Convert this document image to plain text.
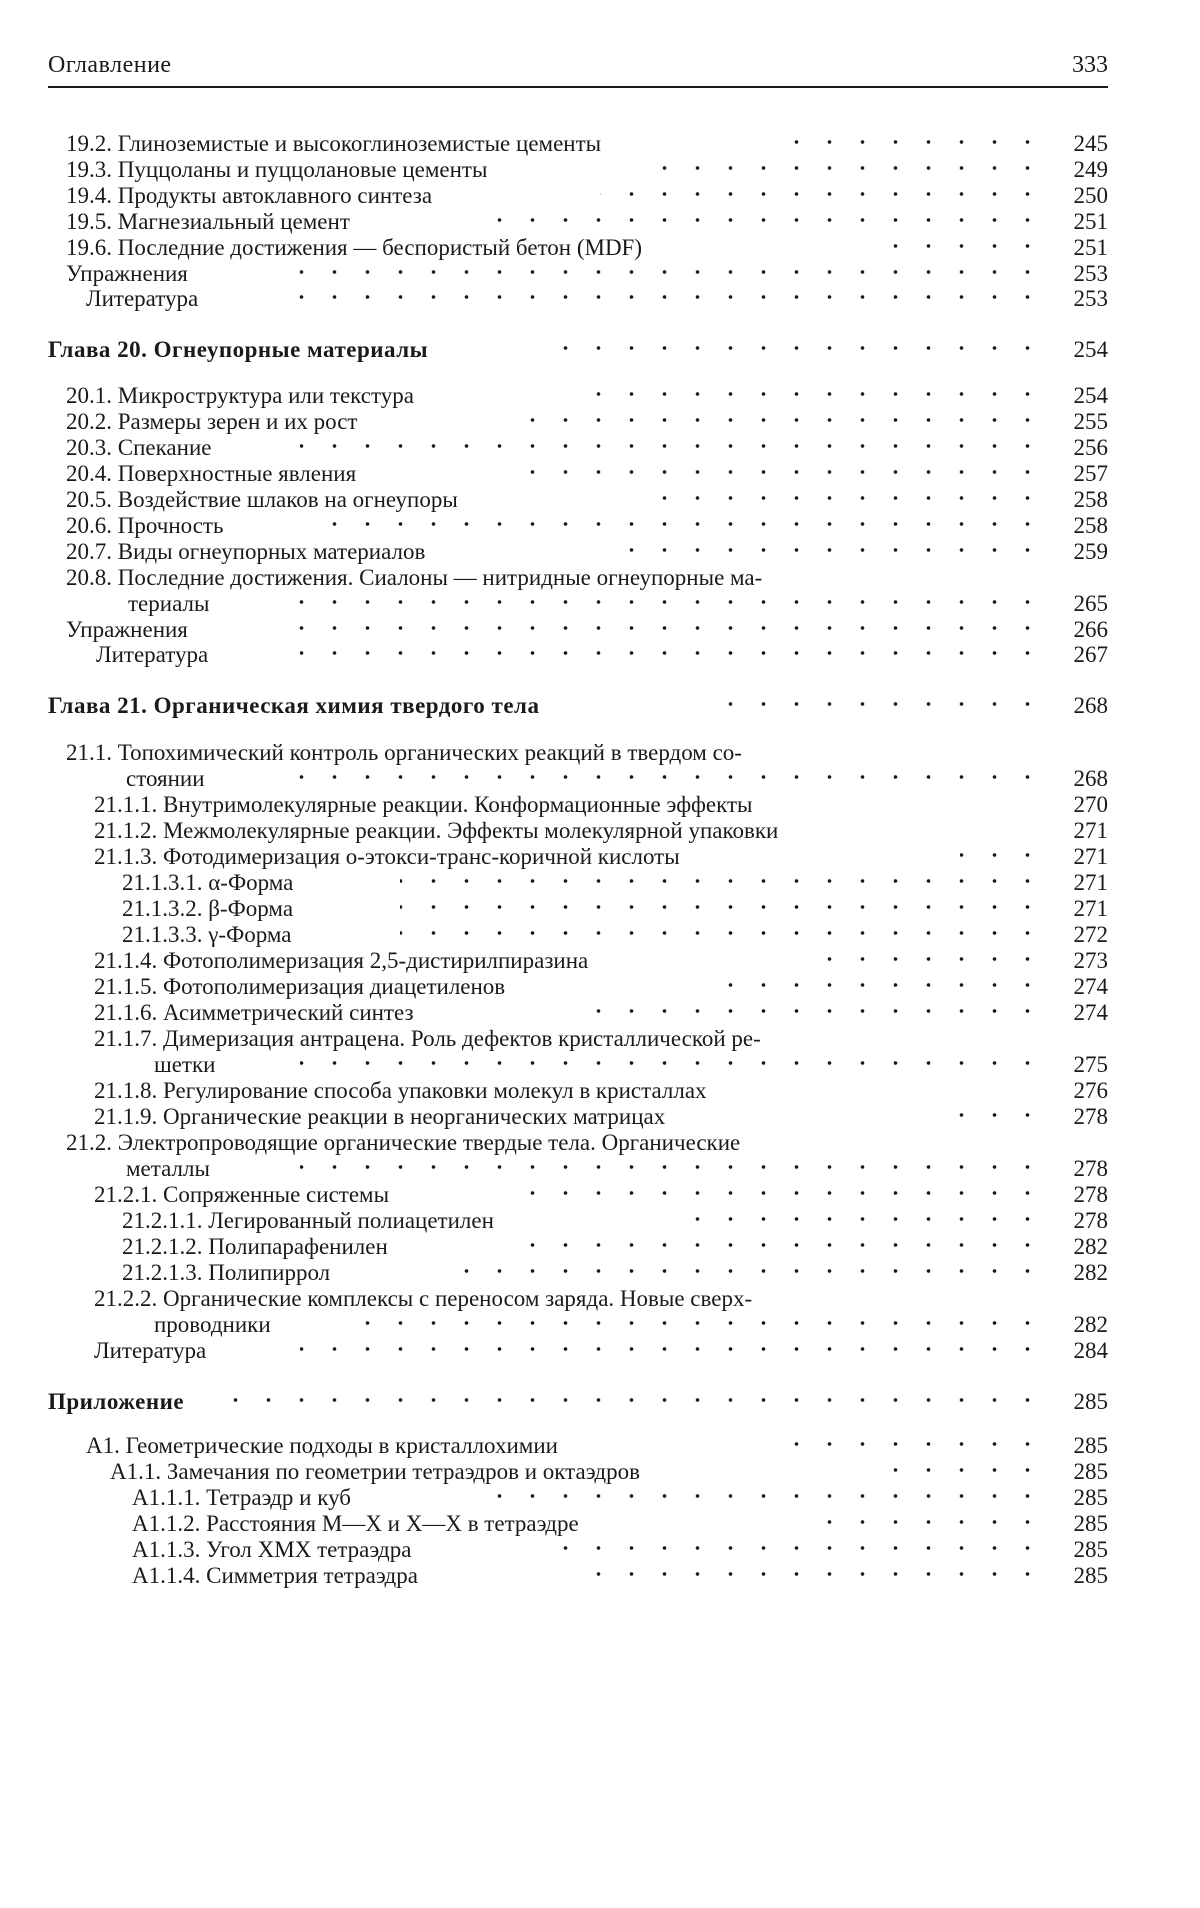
Оглавление	333
19.2. Глиноземистые и высокоглиноземистые цементы	245
19.3. Пуццоланы и пуццолановые цементы	249
19.4. Продукты автоклавного синтеза	250
19.5. Магнезиальный цемент	251
19.6. Последние достижения — беспористый бетон (MDF)	251
Упражнения	253
Литература	253
Глава 20. Огнеупорные материалы	254
20.1. Микроструктура или текстура	254
20.2. Размеры зерен и их рост	255
20.3. Спекание	256
20.4. Поверхностные явления	257
20.5. Воздействие шлаков на огнеупоры	258
20.6. Прочность	258
20.7. Виды огнеупорных материалов	259
20.8. Последние достижения. Сиалоны — нитридные огнеупорные ма-
териалы	265
Упражнения	266
Литература	267
Глава 21. Органическая химия твердого тела	268
21.1. Топохимический контроль органических реакций в твердом со-
стоянии	268
21.1.1. Внутримолекулярные реакции. Конформационные эффекты	270
21.1.2. Межмолекулярные реакции. Эффекты молекулярной упаковки	271
21.1.3. Фотодимеризация о-этокси-транс-коричной кислоты	271
21.1.3.1. α-Форма	271
21.1.3.2. β-Форма	271
21.1.3.3. γ-Форма	272
21.1.4. Фотополимеризация 2,5-дистирилпиразина	273
21.1.5. Фотополимеризация диацетиленов	274
21.1.6. Асимметрический синтез	274
21.1.7. Димеризация антрацена. Роль дефектов кристаллической ре-
шетки	275
21.1.8. Регулирование способа упаковки молекул в кристаллах	276
21.1.9. Органические реакции в неорганических матрицах	278
21.2. Электропроводящие органические твердые тела. Органические
металлы	278
21.2.1. Сопряженные системы	278
21.2.1.1. Легированный полиацетилен	278
21.2.1.2. Полипарафенилен	282
21.2.1.3. Полипиррол	282
21.2.2. Органические комплексы с переносом заряда. Новые сверх-
проводники	282
Литература	284
Приложение	285
А1. Геометрические подходы в кристаллохимии	285
А1.1. Замечания по геометрии тетраэдров и октаэдров	285
А1.1.1. Тетраэдр и куб	285
А1.1.2. Расстояния M—X и X—X в тетраэдре	285
А1.1.3. Угол XMX тетраэдра	285
А1.1.4. Симметрия тетраэдра	285
